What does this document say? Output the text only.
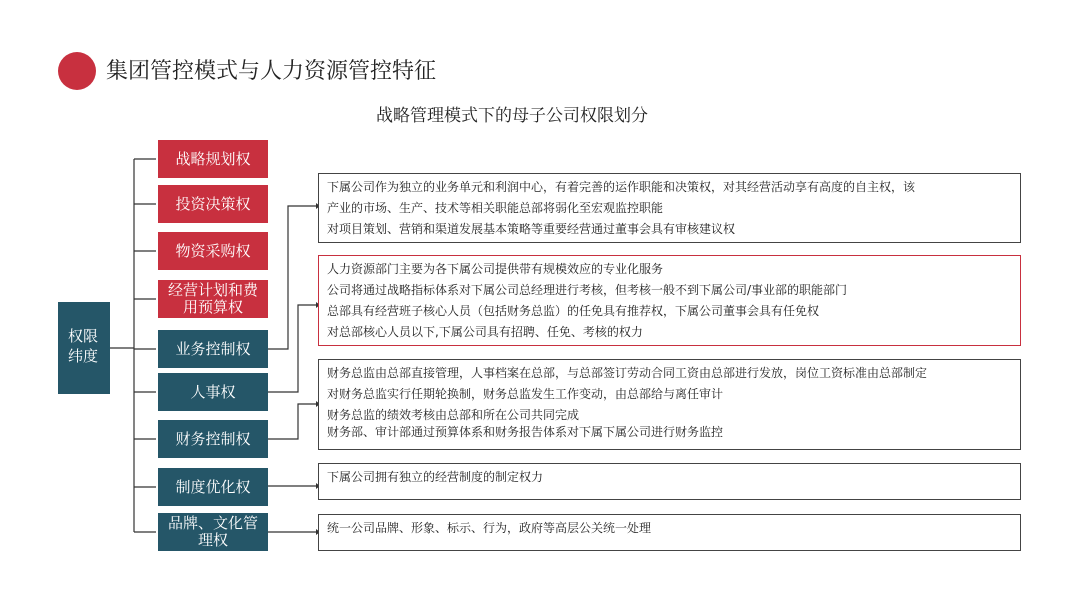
集团管控模式与人力资源管控特征
战略管理模式下的母子公司权限划分
权限
纬度
战略规划权
投资决策权
物资采购权
经营计划和费用预算权
业务控制权
人事权
财务控制权
制度优化权
品牌、文化管理权
下属公司作为独立的业务单元和利润中心，有着完善的运作职能和决策权，对其经营活动享有高度的自主权，该
产业的市场、生产、技术等相关职能总部将弱化至宏观监控职能
对项目策划、营销和渠道发展基本策略等重要经营通过董事会具有审核建议权
人力资源部门主要为各下属公司提供带有规模效应的专业化服务
公司将通过战略指标体系对下属公司总经理进行考核，但考核一般不到下属公司/事业部的职能部门
总部具有经营班子核心人员（包括财务总监）的任免具有推荐权，下属公司董事会具有任免权
对总部核心人员以下,下属公司具有招聘、任免、考核的权力
财务总监由总部直接管理，人事档案在总部，与总部签订劳动合同工资由总部进行发放，岗位工资标准由总部制定
对财务总监实行任期轮换制，财务总监发生工作变动，由总部给与离任审计
财务总监的绩效考核由总部和所在公司共同完成
财务部、审计部通过预算体系和财务报告体系对下属下属公司进行财务监控
下属公司拥有独立的经营制度的制定权力
统一公司品牌、形象、标示、行为，政府等高层公关统一处理
